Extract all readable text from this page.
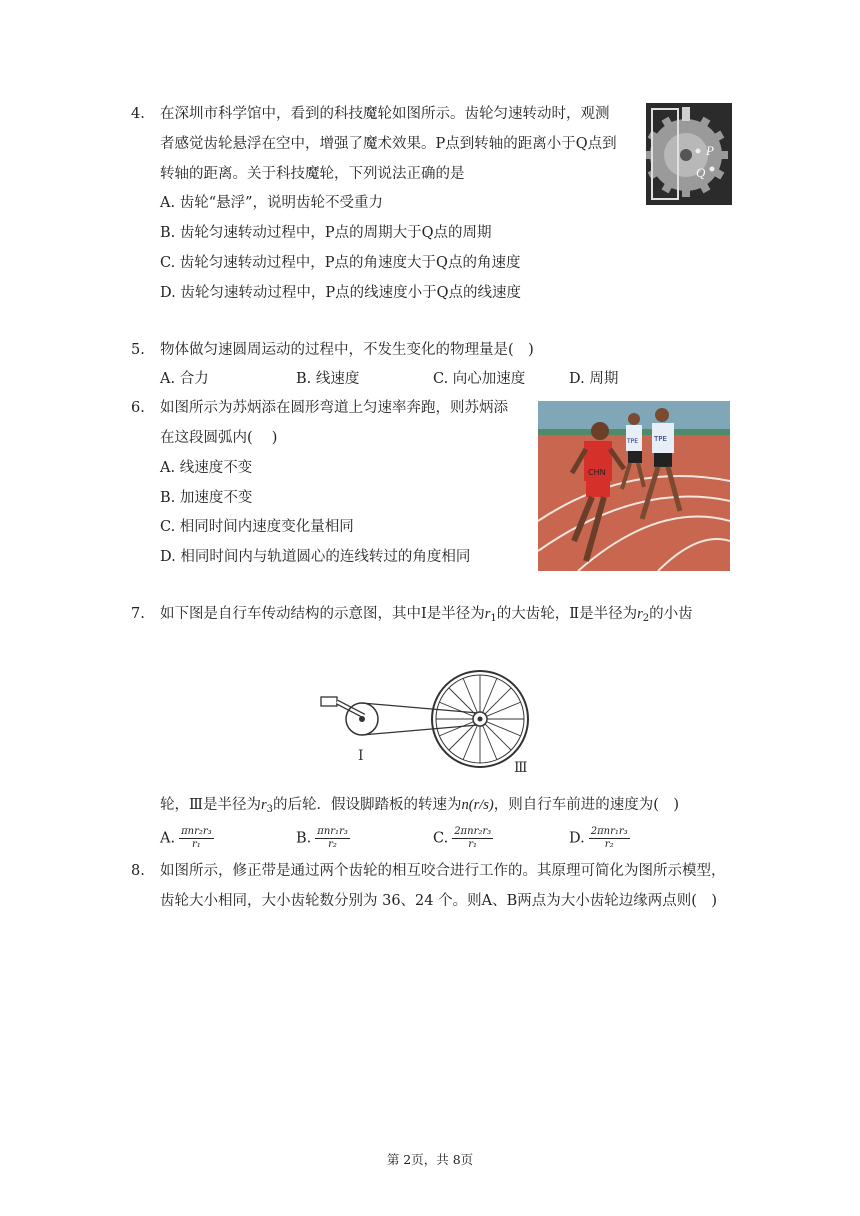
4. 在深圳市科学馆中，看到的科技魔轮如图所示。齿轮匀速转动时，观测
者感觉齿轮悬浮在空中，增强了魔术效果。P点到转轴的距离小于Q点到
转轴的距离。关于科技魔轮，下列说法正确的是
A. 齿轮“悬浮”，说明齿轮不受重力
B. 齿轮匀速转动过程中，P点的周期大于Q点的周期
C. 齿轮匀速转动过程中，P点的角速度大于Q点的角速度
D. 齿轮匀速转动过程中，P点的线速度小于Q点的线速度
P
Q
5. 物体做匀速圆周运动的过程中，不发生变化的物理量是(　)
A. 合力	B. 线速度	C. 向心加速度	D. 周期
6. 如图所示为苏炳添在圆形弯道上匀速率奔跑，则苏炳添
在这段圆弧内(　 )
A. 线速度不变
B. 加速度不变
C. 相同时间内速度变化量相同
D. 相同时间内与轨道圆心的连线转过的角度相同
CHN
TPE
TPE
7. 如下图是自行车传动结构的示意图，其中Ⅰ是半径为$r_1$的大齿轮，Ⅱ是半径为$r_2$的小齿
Ⅰ
Ⅲ
轮，Ⅲ是半径为$r_3$的后轮．假设脚踏板的转速为n(r/s)，则自行车前进的速度为(　)
A. $\frac{\text{πnr₂r₃}}{\text{r₁}}$	B. $\frac{\text{πnr₁r₃}}{\text{r₂}}$	C. $\frac{\text{2πnr₂r₃}}{\text{r₁}}$	D. $\frac{\text{2πnr₁r₃}}{\text{r₂}}$
8. 如图所示，修正带是通过两个齿轮的相互咬合进行工作的。其原理可简化为图所示模型，
齿轮大小相同，大小齿轮数分别为 36、24 个。则A、B两点为大小齿轮边缘两点则(　)
第 2页，共 8页
